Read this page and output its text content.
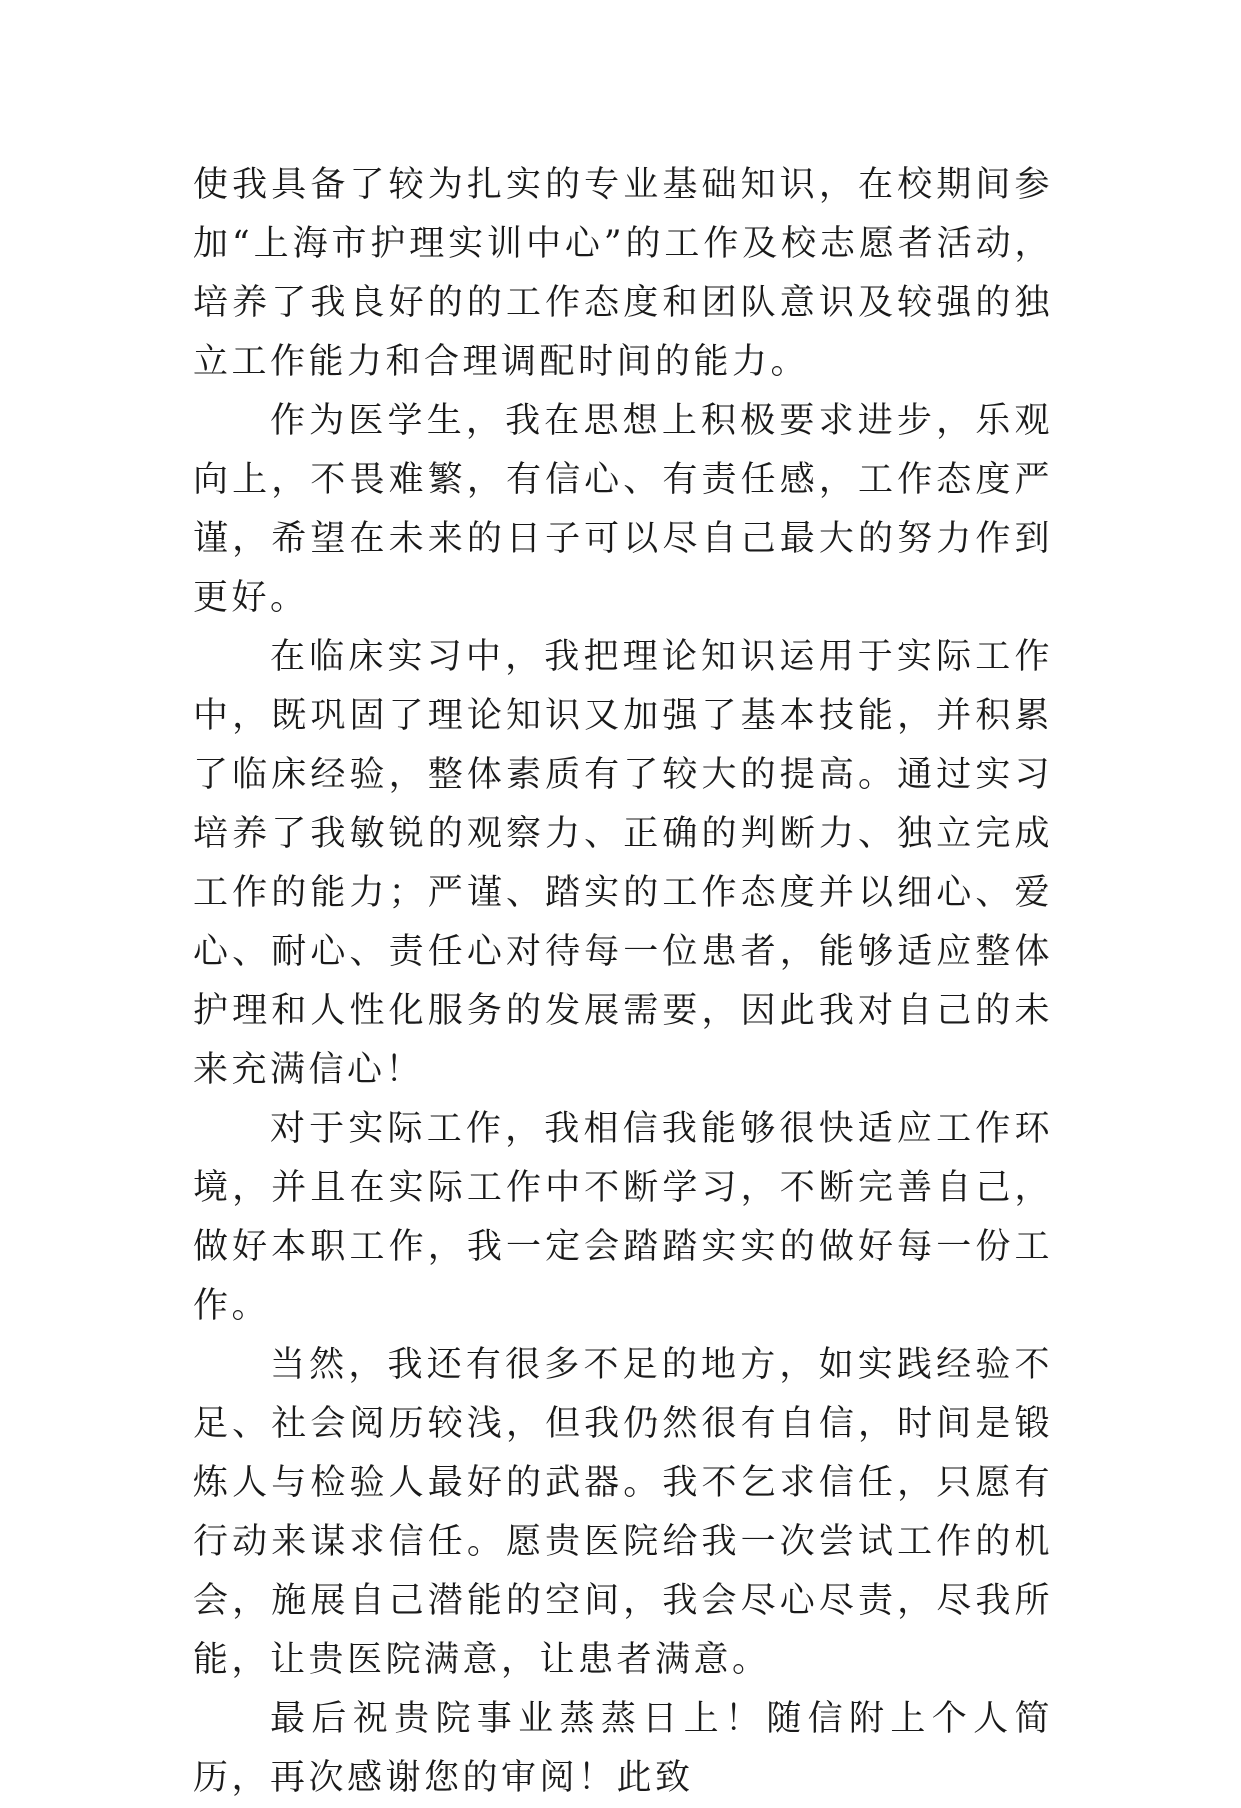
使我具备了较为扎实的专业基础知识，在校期间参加“上海市护理实训中心”的工作及校志愿者活动，培养了我良好的的工作态度和团队意识及较强的独立工作能力和合理调配时间的能力。

作为医学生，我在思想上积极要求进步，乐观向上，不畏难繁，有信心、有责任感，工作态度严谨，希望在未来的日子可以尽自己最大的努力作到更好。

在临床实习中，我把理论知识运用于实际工作中，既巩固了理论知识又加强了基本技能，并积累了临床经验，整体素质有了较大的提高。通过实习培养了我敏锐的观察力、正确的判断力、独立完成工作的能力；严谨、踏实的工作态度并以细心、爱心、耐心、责任心对待每一位患者，能够适应整体护理和人性化服务的发展需要，因此我对自己的未来充满信心！

对于实际工作，我相信我能够很快适应工作环境，并且在实际工作中不断学习，不断完善自己，做好本职工作，我一定会踏踏实实的做好每一份工作。

当然，我还有很多不足的地方，如实践经验不足、社会阅历较浅，但我仍然很有自信，时间是锻炼人与检验人最好的武器。我不乞求信任，只愿有行动来谋求信任。愿贵医院给我一次尝试工作的机会，施展自己潜能的空间，我会尽心尽责，尽我所能，让贵医院满意，让患者满意。

最后祝贵院事业蒸蒸日上！随信附上个人简历，再次感谢您的审阅！此致
